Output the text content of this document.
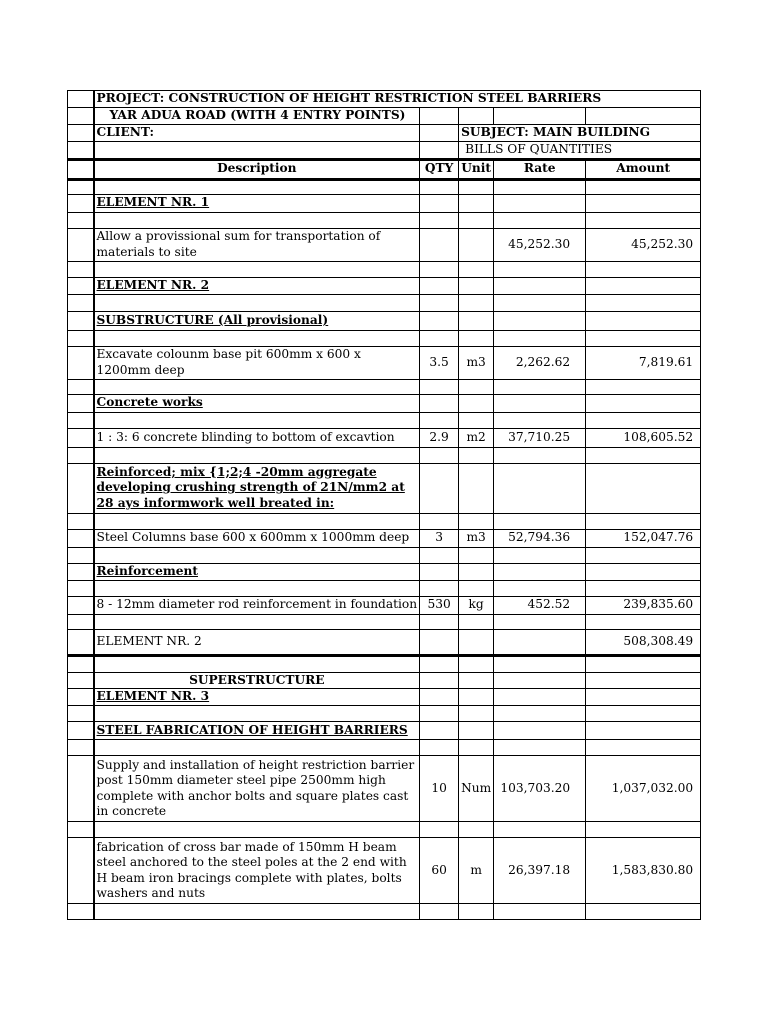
	PROJECT: CONSTRUCTION OF HEIGHT RESTRICTION STEEL BARRIERS				
	YAR ADUA ROAD (WITH 4 ENTRY POINTS)				
	CLIENT:		SUBJECT: MAIN BUILDING		
			BILLS OF QUANTITIES		
	Description	QTY	Unit	Rate	Amount

	ELEMENT NR. 1				

	Allow a provissional sum for transportation of materials to site			45,252.30	45,252.30

	ELEMENT NR. 2				

	SUBSTRUCTURE (All provisional)				

	Excavate colounm base pit 600mm x 600 x 1200mm deep	3.5	m3	2,262.62	7,819.61

	Concrete works				

	1 : 3: 6 concrete blinding to bottom of excavtion	2.9	m2	37,710.25	108,605.52

	Reinforced; mix {1;2;4 -20mm aggregate developing crushing strength of 21N/mm2 at 28 ays informwork well breated in:				

	Steel Columns base 600 x 600mm x 1000mm deep	3	m3	52,794.36	152,047.76

	Reinforcement				

	8 - 12mm diameter rod reinforcement in foundation	530	kg	452.52	239,835.60

	ELEMENT NR. 2				508,308.49

	SUPERSTRUCTURE				
	ELEMENT NR. 3				

	STEEL FABRICATION OF HEIGHT BARRIERS				

	Supply and installation of height restriction barrier post 150mm diameter steel pipe 2500mm high complete with anchor bolts and square plates cast in concrete	10	Num	103,703.20	1,037,032.00

	fabrication of cross bar made of 150mm H beam steel anchored to the steel poles at the 2 end with H beam iron bracings complete with plates, bolts washers and nuts	60	m	26,397.18	1,583,830.80
